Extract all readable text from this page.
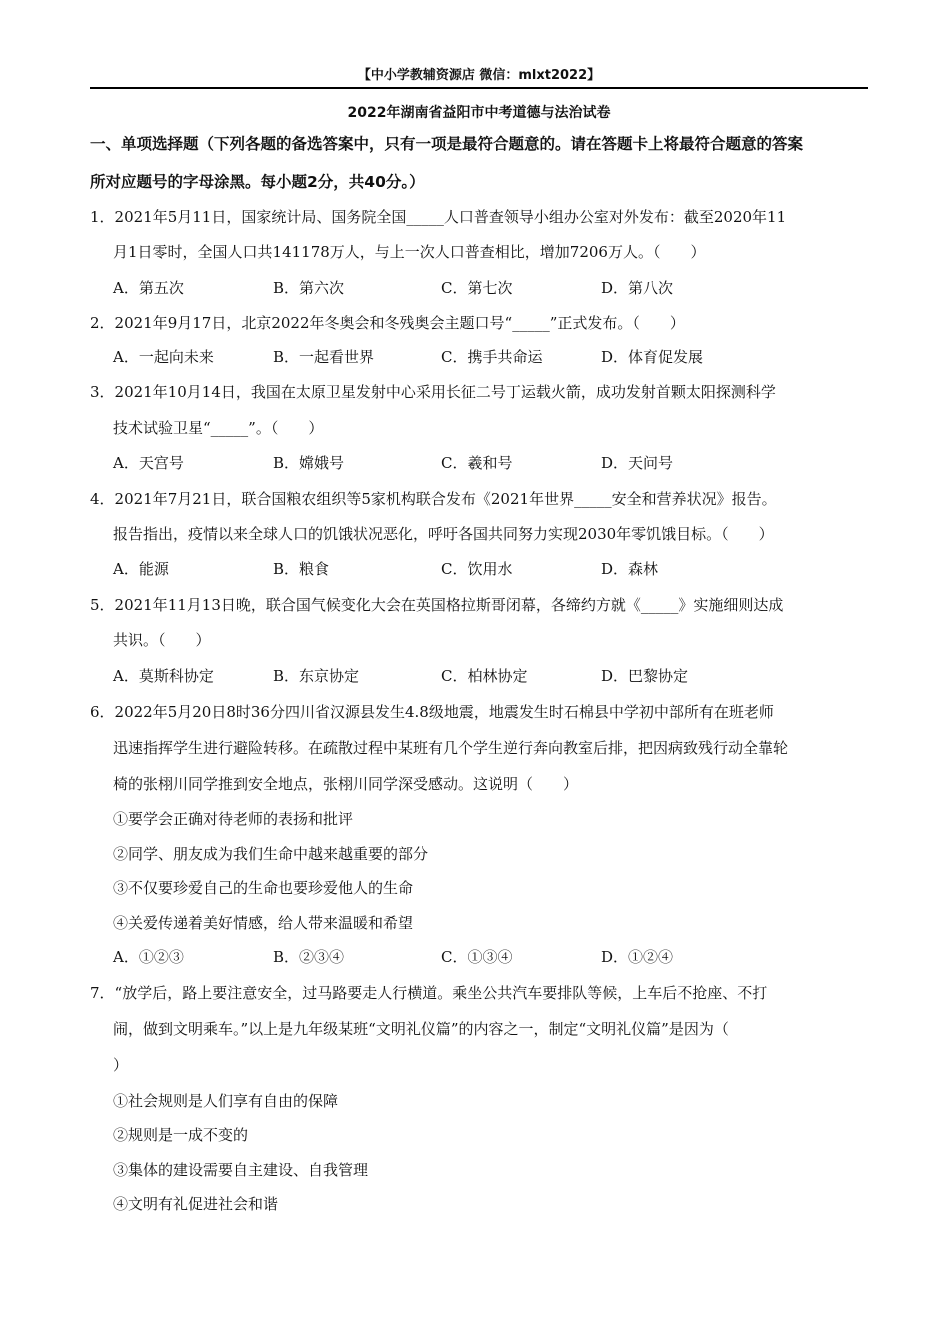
【中小学教辅资源店 微信：mlxt2022】
2022年湖南省益阳市中考道德与法治试卷
一、单项选择题（下列各题的备选答案中，只有一项是最符合题意的。请在答题卡上将最符合题意的答案
所对应题号的字母涂黑。每小题2分，共40分。）
1．2021年5月11日，国家统计局、国务院全国_____人口普查领导小组办公室对外发布：截至2020年11
月1日零时，全国人口共141178万人，与上一次人口普查相比，增加7206万人。（　　）
A．第五次	B．第六次	C．第七次	D．第八次
2．2021年9月17日，北京2022年冬奥会和冬残奥会主题口号“_____”正式发布。（　　）
A．一起向未来	B．一起看世界	C．携手共命运	D．体育促发展
3．2021年10月14日，我国在太原卫星发射中心采用长征二号丁运载火箭，成功发射首颗太阳探测科学
技术试验卫星“_____”。（　　）
A．天宫号	B．嫦娥号	C．羲和号	D．天问号
4．2021年7月21日，联合国粮农组织等5家机构联合发布《2021年世界_____安全和营养状况》报告。
报告指出，疫情以来全球人口的饥饿状况恶化，呼吁各国共同努力实现2030年零饥饿目标。（　　）
A．能源	B．粮食	C．饮用水	D．森林
5．2021年11月13日晚，联合国气候变化大会在英国格拉斯哥闭幕，各缔约方就《_____》实施细则达成
共识。（　　）
A．莫斯科协定	B．东京协定	C．柏林协定	D．巴黎协定
6．2022年5月20日8时36分四川省汉源县发生4.8级地震，地震发生时石棉县中学初中部所有在班老师
迅速指挥学生进行避险转移。在疏散过程中某班有几个学生逆行奔向教室后排，把因病致残行动全靠轮
椅的张栩川同学推到安全地点，张栩川同学深受感动。这说明（　　）
①要学会正确对待老师的表扬和批评
②同学、朋友成为我们生命中越来越重要的部分
③不仅要珍爱自己的生命也要珍爱他人的生命
④关爱传递着美好情感，给人带来温暖和希望
A．①②③	B．②③④	C．①③④	D．①②④
7．“放学后，路上要注意安全，过马路要走人行横道。乘坐公共汽车要排队等候，上车后不抢座、不打
闹，做到文明乘车。”以上是九年级某班“文明礼仪篇”的内容之一，制定“文明礼仪篇”是因为（
）
①社会规则是人们享有自由的保障
②规则是一成不变的
③集体的建设需要自主建设、自我管理
④文明有礼促进社会和谐
